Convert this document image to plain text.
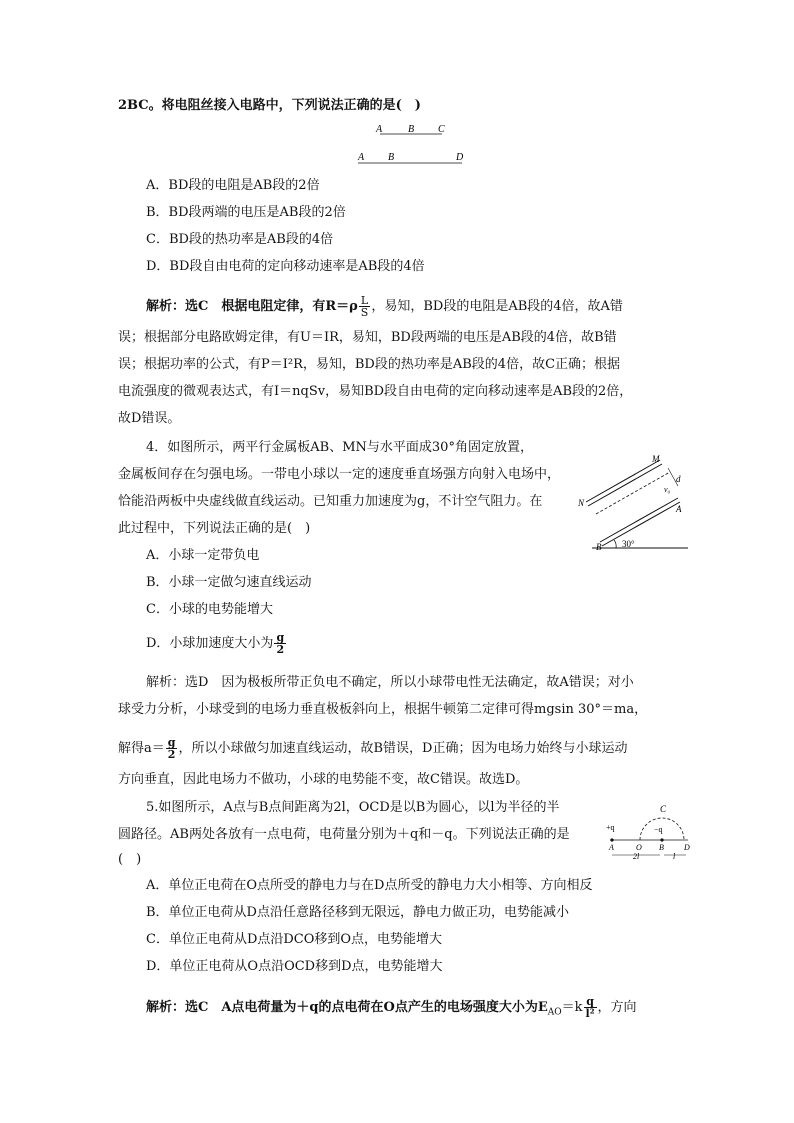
2BC。将电阻丝接入电路中，下列说法正确的是(　)
A	B C
A B	D
A．BD段的电阻是AB段的2倍
B．BD段两端的电压是AB段的2倍
C．BD段的热功率是AB段的4倍
D．BD段自由电荷的定向移动速率是AB段的4倍
解析：选C　根据电阻定律，有$R=\rho \frac{L}{S}$ ，易知，BD段的电阻是AB段的4倍，故A错
误；根据部分电路欧姆定律，有U＝IR，易知，BD段两端的电压是AB段的4倍，故B错
误；根据功率的公式，有P＝I²R，易知，BD段的热功率是AB段的4倍，故C正确；根据
电流强度的微观表达式，有I＝nqSv，易知BD段自由电荷的定向移动速率是AB段的2倍，
故D错误。
4．如图所示，两平行金属板AB、MN与水平面成30°角固定放置，
金属板间存在匀强电场。一带电小球以一定的速度垂直场强方向射入电场中，
恰能沿两板中央虚线做直线运动。已知重力加速度为g，不计空气阻力。在
此过程中，下列说法正确的是(　)
M
N
A
B
d
v₀
30°
A．小球一定带负电
B．小球一定做匀速直线运动
C．小球的电势能增大
D．小球加速度大小为 $\frac{g}{2}$
解析：选D　因为极板所带正负电不确定，所以小球带电性无法确定，故A错误；对小
球受力分析，小球受到的电场力垂直极板斜向上，根据牛顿第二定律可得mgsin 30°＝ma，
解得$a= \frac{g}{2}$ ，所以小球做匀加速直线运动，故B错误，D正确；因为电场力始终与小球运动
方向垂直，因此电场力不做功，小球的电势能不变，故C错误。故选D。
5.如图所示，A点与B点间距离为2l，OCD是以B为圆心，以l为半径的半
圆路径。AB两处各放有一点电荷，电荷量分别为＋q和－q。下列说法正确的是
(　)
+q	−q
C
A	O B	D
2l	l
A．单位正电荷在O点所受的静电力与在D点所受的静电力大小相等、方向相反
B．单位正电荷从D点沿任意路径移到无限远，静电力做正功，电势能减小
C．单位正电荷从D点沿DCO移到O点，电势能增大
D．单位正电荷从O点沿OCD移到D点，电势能增大
解析：选C　A点电荷量为＋q的点电荷在O点产生的电场强度大小为$E_{AO}=k \frac{q}{\text{l²}}$ ，方向
